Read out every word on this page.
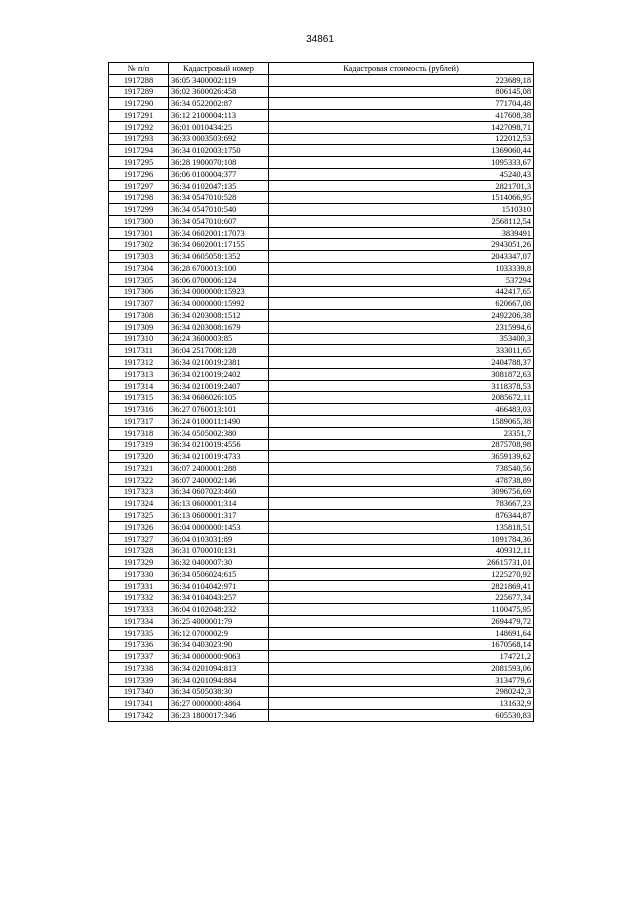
34861
№ п/п	Кадастровый номер	Кадастровая стоимость (рублей)
1917288	36:05 3400002:119	223689,18
1917289	36:02 3600026:458	806145,08
1917290	36:34 0522002:87	771704,48
1917291	36:12 2100004:113	417608,38
1917292	36:01 0010434:25	1427098,71
1917293	36:33 0003503:692	122012,53
1917294	36:34 0102003:1750	1369060,44
1917295	36:28 1900070:108	1095333,67
1917296	36:06 0100004:377	45240,43
1917297	36:34 0102047:135	2821701,3
1917298	36:34 0547010:528	1514066,95
1917299	36:34 0547010:540	1510310
1917300	36:34 0547010:607	2568112,54
1917301	36:34 0602001:17073	3839491
1917302	36:34 0602001:17155	2943051,26
1917303	36:34 0605058:1352	2043347,07
1917304	36:28 6700013:100	1033339,8
1917305	36:06 0700006:124	537294
1917306	36:34 0000000:15923	442417,65
1917307	36:34 0000000:15992	620667,08
1917308	36:34 0203008:1512	2492206,38
1917309	36:34 0203008:1679	2315994,6
1917310	36:24 3600003:85	353400,3
1917311	36:04 2517008:128	333011,65
1917312	36:34 0210019:2381	2404788,37
1917313	36:34 0210019:2402	3081872,63
1917314	36:34 0210019:2407	3118378,53
1917315	36:34 0606026:105	2085672,11
1917316	36:27 0760013:101	466483,03
1917317	36:24 0100011:1490	1589065,38
1917318	36:34 0505002:380	23351,7
1917319	36:34 0210019:4556	2875708,98
1917320	36:34 0210019:4733	3659139,62
1917321	36:07 2400001:288	738540,56
1917322	36:07 2400002:146	478738,89
1917323	36:34 0607023:460	3096756,69
1917324	36:13 0600001:314	783667,23
1917325	36:13 0600001:317	876344,87
1917326	36:04 0000000:1453	135818,51
1917327	36:04 0103031:89	1091784,36
1917328	36:31 0700010:131	409312,11
1917329	36:32 0400007:30	26615731,01
1917330	36:34 0506024:615	1225270,92
1917331	36:34 0104042:971	2821869,41
1917332	36:34 0104043:257	225677,34
1917333	36:04 0102048:232	1100475,95
1917334	36:25 4000001:79	2694479,72
1917335	36:12 0700002:9	148691,64
1917336	36:34 0403023:90	1670568,14
1917337	36:34 0000000:9063	174721,2
1917338	36:34 0201094:813	2081593,06
1917339	36:34 0201094:884	3134779,6
1917340	36:34 0505038:30	2980242,3
1917341	36:27 0000000:4864	131632,9
1917342	36:23 1800017:346	605530,83
